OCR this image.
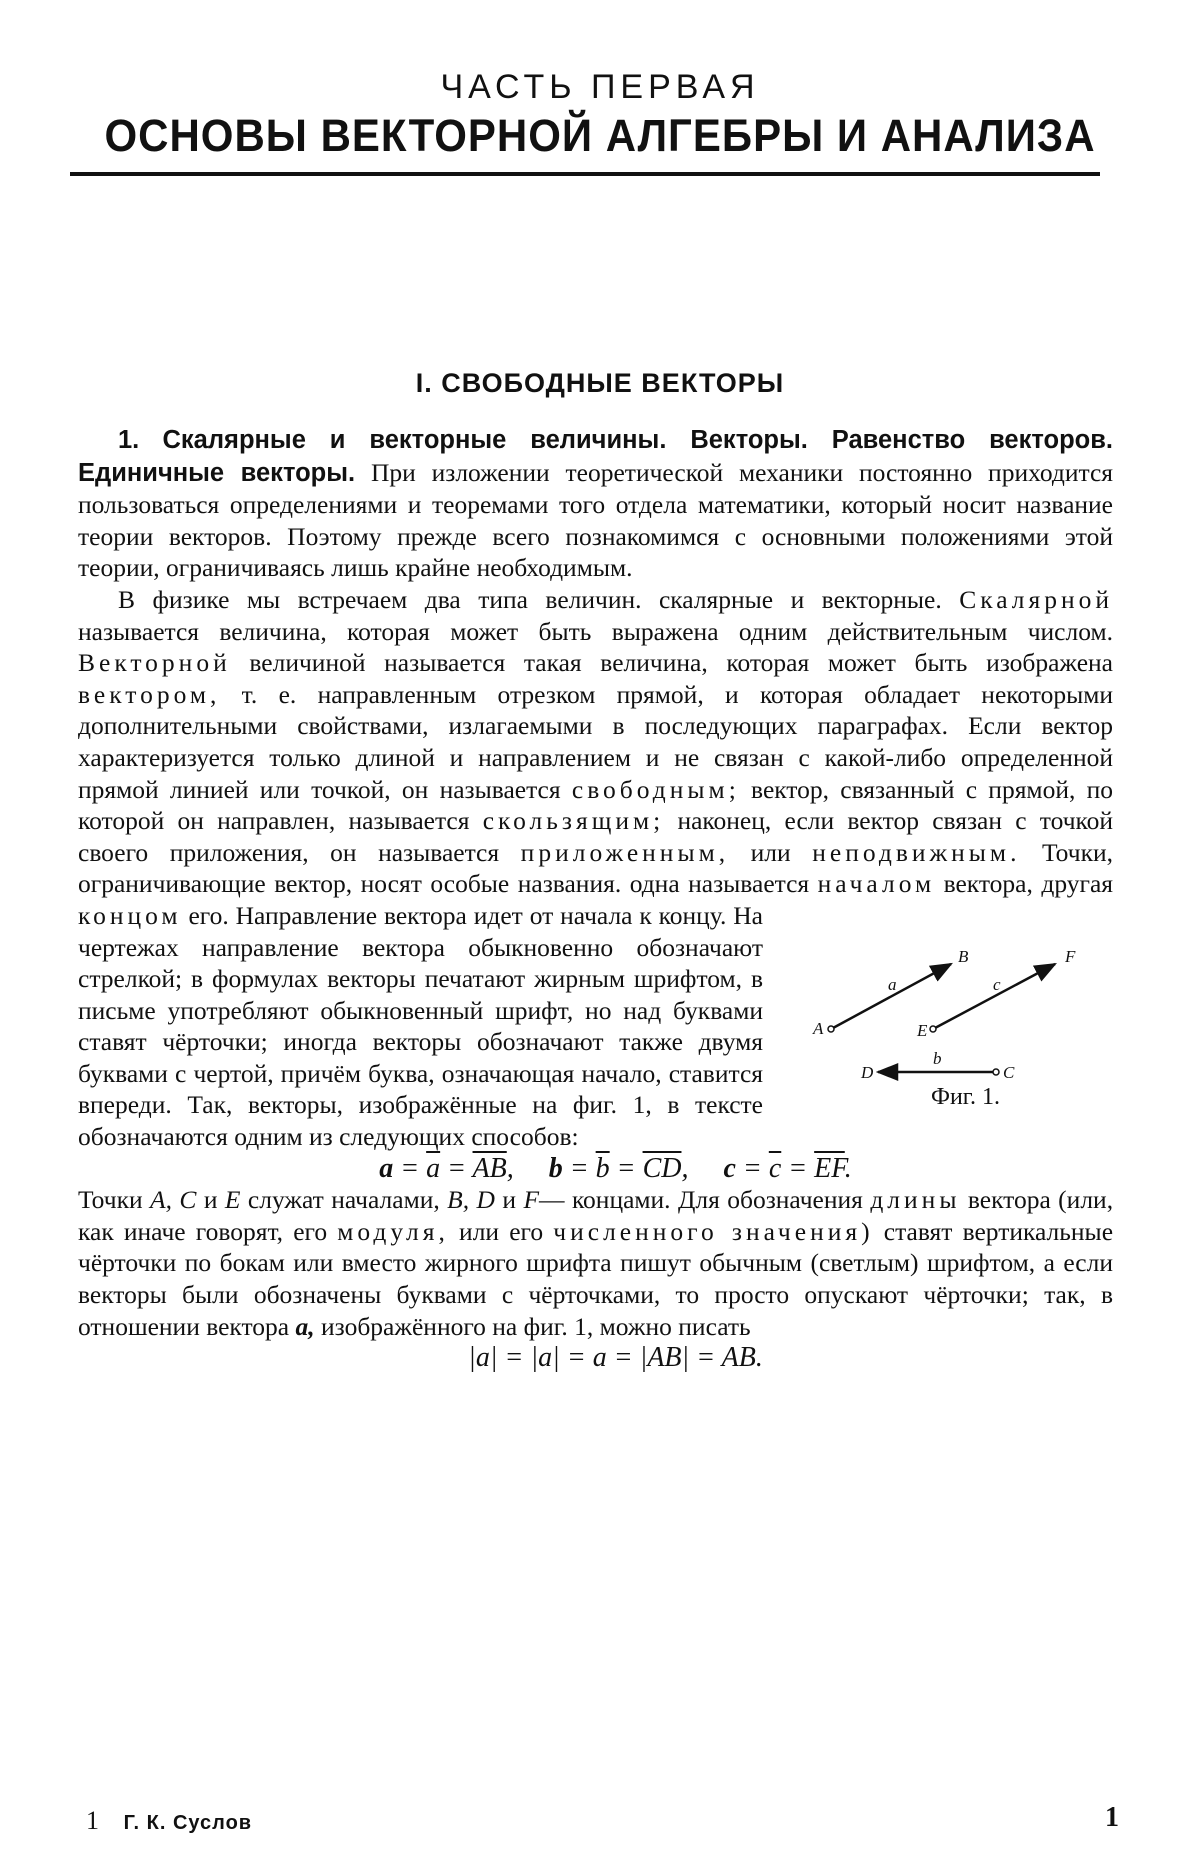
ЧАСТЬ ПЕРВАЯ
ОСНОВЫ ВЕКТОРНОЙ АЛГЕБРЫ И АНАЛИЗА
I. СВОБОДНЫЕ ВЕКТОРЫ

1. Скалярные и векторные величины. Векторы. Равенство векторов. Единичные векторы. При изложении теоретической механики постоянно приходится пользоваться определениями и теоремами того отдела математики, который носит название теории векторов. Поэтому прежде всего познакомимся с основными положениями этой теории, ограничиваясь лишь крайне необходимым.

В физике мы встречаем два типа величин. скалярные и векторные. Скалярной называется величина, которая может быть выражена одним действительным числом. Векторной величиной называется такая величина, которая может быть изображена вектором, т. е. направленным отрезком прямой, и которая обладает некоторыми дополнительными свойствами, излагаемыми в последующих параграфах. Если вектор характеризуется только длиной и направлением и не связан с какой-либо определенной прямой линией или точкой, он называется свободным; вектор, связанный с прямой, по которой он направлен, называется скользящим; наконец, если вектор связан с точкой своего приложения, он называется приложенным, или неподвижным. Точки, ограничивающие вектор, носят особые названия. одна называется началом
A
B
a
E
F
c
D	C
b
Фиг. 1.
вектора, другая концом его. Направление вектора идет от начала к концу. На чертежах направление вектора обыкновенно обозначают стрелкой; в формулах векторы печатают жирным шрифтом, в письме употребляют обыкновенный шрифт, но над буквами ставят чёрточки; иногда векторы обозначают также двумя буквами с чертой, причём буква, означающая начало, ставится впереди. Так, векторы, изображённые на фиг. 1, в тексте обозначаются одним из следующих способов:

$a = \overline{a} = \overline{AB}$,     $b = \overline{b} = \overline{CD}$,     $c = \overline{c} = \overline{EF}$.

Точки A, C и E служат началами, B, D и F— концами. Для обозначения длины вектора (или, как иначе говорят, его модуля, или его численного значения) ставят вертикальные чёрточки по бокам или вместо жирного шрифта пишут обычным (светлым) шрифтом, а если векторы были обозначены буквами с чёрточками, то просто опускают чёрточки; так, в отношении вектора a, изображённого на фиг. 1, можно писать

|a| = |a| = a = |AB| = AB.

1 Г. К. Суслов	1
